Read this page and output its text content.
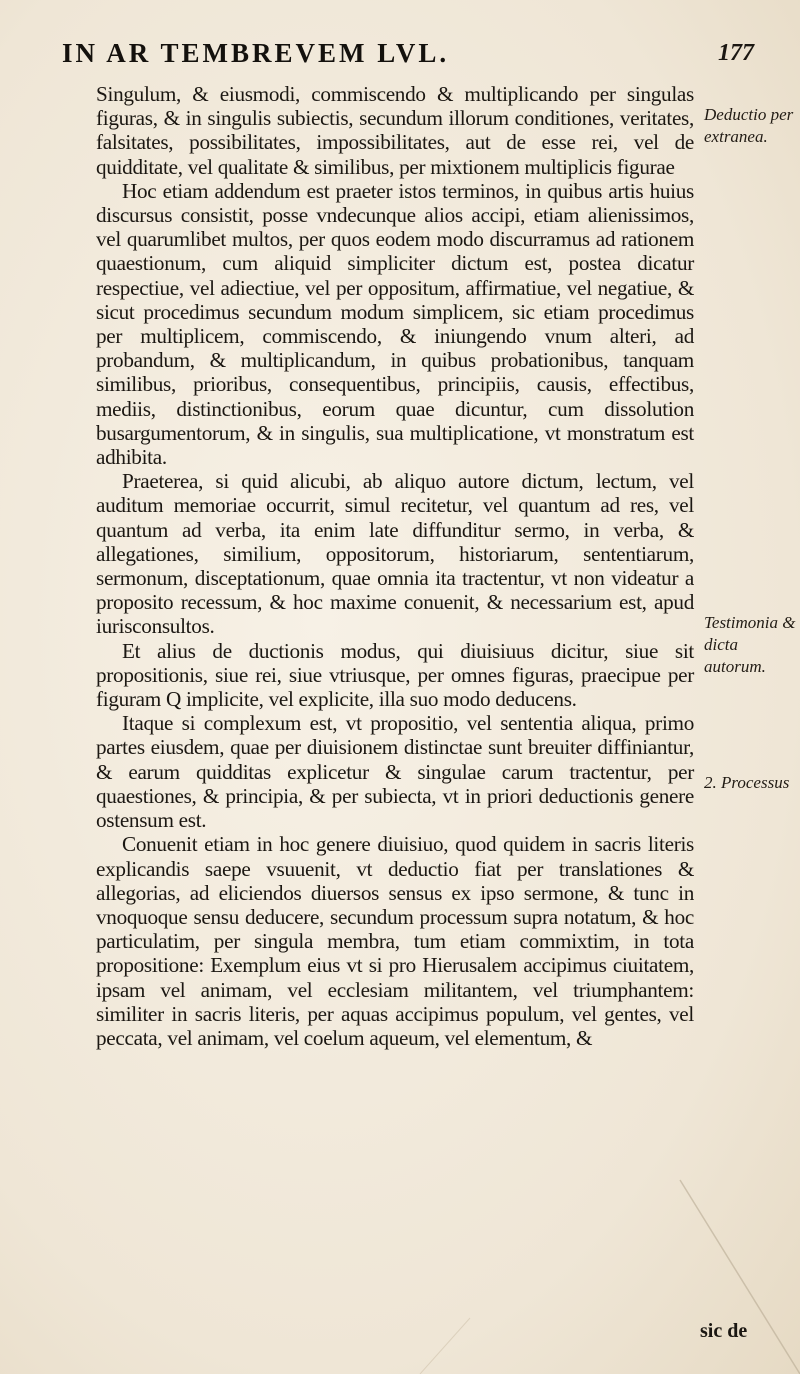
IN AR TEMBREVEM LVL.	177

Singulum, & eiusmodi, commiscendo & multiplicando per singulas figuras, & in singulis subiectis, secundum illorum conditiones, veritates, falsitates, possibilitates, impossibilitates, aut de esse rei, vel de quidditate, vel qualitate & similibus, per mixtionem multiplicis figurae

Hoc etiam addendum est praeter istos terminos, in quibus artis huius discursus consistit, posse vndecunque alios accipi, etiam alienissimos, vel quarumlibet multos, per quos eodem modo discurramus ad rationem quaestionum, cum aliquid simpliciter dictum est, postea dicatur respectiue, vel adiectiue, vel per oppositum, affirmatiue, vel negatiue, & sicut procedimus secundum modum simplicem, sic etiam procedimus per multiplicem, commiscendo, & iniungendo vnum alteri, ad probandum, & multiplicandum, in quibus probationibus, tanquam similibus, prioribus, consequentibus, principiis, causis, effectibus, mediis, distinctionibus, eorum quae dicuntur, cum dissolution busargumentorum, & in singulis, sua multiplicatione, vt monstratum est adhibita.

Praeterea, si quid alicubi, ab aliquo autore dictum, lectum, vel auditum memoriae occurrit, simul recitetur, vel quantum ad res, vel quantum ad verba, ita enim late diffunditur sermo, in verba, & allegationes, similium, oppositorum, historiarum, sententiarum, sermonum, disceptationum, quae omnia ita tractentur, vt non videatur a proposito recessum, & hoc maxime conuenit, & necessarium est, apud iurisconsultos.

Et alius de ductionis modus, qui diuisiuus dicitur, siue sit propositionis, siue rei, siue vtriusque, per omnes figuras, praecipue per figuram Q implicite, vel explicite, illa suo modo deducens.

Itaque si complexum est, vt propositio, vel sententia aliqua, primo partes eiusdem, quae per diuisionem distinctae sunt breuiter diffiniantur, & earum quidditas explicetur & singulae carum tractentur, per quaestiones, & principia, & per subiecta, vt in priori deductionis genere ostensum est.

Conuenit etiam in hoc genere diuisiuo, quod quidem in sacris literis explicandis saepe vsuuenit, vt deductio fiat per translationes & allegorias, ad eliciendos diuersos sensus ex ipso sermone, & tunc in vnoquoque sensu deducere, secundum processum supra notatum, & hoc particulatim, per singula membra, tum etiam commixtim, in tota propositione: Exemplum eius vt si pro Hierusalem accipimus ciuitatem, ipsam vel animam, vel ecclesiam militantem, vel triumphantem: similiter in sacris literis, per aquas accipimus populum, vel gentes, vel peccata, vel animam, vel coelum aqueum, vel elementum, &

Deductio per extranea.
Testimonia & dicta autorum.
2. Processus
sic de
